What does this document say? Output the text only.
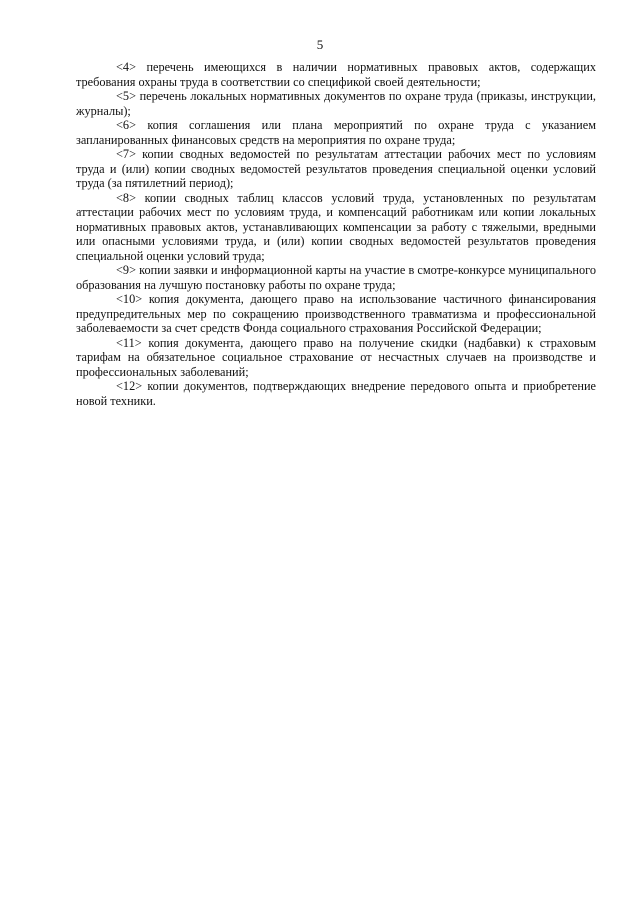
5

<4> перечень имеющихся в наличии нормативных правовых актов, содержащих требования охраны труда в соответствии со спецификой своей деятельности;

<5> перечень локальных нормативных документов по охране труда (приказы, инструкции, журналы);

<6> копия соглашения или плана мероприятий по охране труда с указанием запланированных финансовых средств на мероприятия по охране труда;

<7> копии сводных ведомостей по результатам аттестации рабочих мест по условиям труда и (или) копии сводных ведомостей результатов проведения специальной оценки условий труда (за пятилетний период);

<8> копии сводных таблиц классов условий труда, установленных по результатам аттестации рабочих мест по условиям труда, и компенсаций работникам или копии локальных нормативных правовых актов, устанавливающих компенсации за работу с тяжелыми, вредными или опасными условиями труда, и (или) копии сводных ведомостей результатов проведения специальной оценки условий труда;

<9> копии заявки и информационной карты на участие в смотре-конкурсе муниципального образования на лучшую постановку работы по охране труда;

<10> копия документа, дающего право на использование частичного финансирования предупредительных мер по сокращению производственного травматизма и профессиональной заболеваемости за счет средств Фонда социального страхования Российской Федерации;

<11> копия документа, дающего право на получение скидки (надбавки) к страховым тарифам на обязательное социальное страхование от несчастных случаев на производстве и профессиональных заболеваний;

<12> копии документов, подтверждающих внедрение передового опыта и приобретение новой техники.
